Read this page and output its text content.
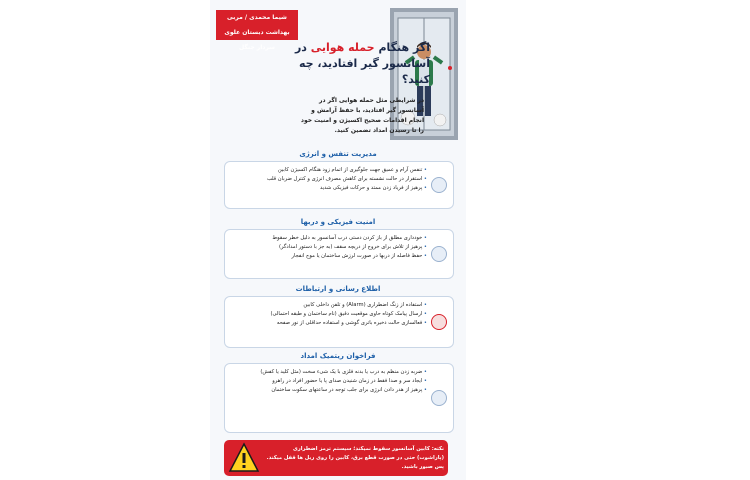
شیما محمدی / مربی بهداشت دبستان علوی
سردار جنگل	اگر هنگام حمله هوایی در
آسانسور گیر افتادید، چه کنید؟
در شرایطی مثل حمله هوایی اگر در آسانسور گیر افتادید، با حفظ آرامش و انجام اقدامات صحیح اکسیژن و امنیت خود را تا رسیدن امداد تضمین کنید.
مدیریت تنفس و انرژی
• تنفس آرام و عمیق جهت جلوگیری از اتمام زود هنگام اکسیژن کابین
• استقرار در حالت نشسته برای کاهش مصرف انرژی و کنترل ضربان قلب
• پرهیز از فریاد زدن ممتد و حرکات فیزیکی شدید
امنیت فیزیکی و دربها
• خودداری مطلق از باز کردن دستی درب آسانسور به دلیل خطر سقوط
• پرهیز از تلاش برای خروج از دریچه سقف (به جز با دستور امدادگر)
• حفظ فاصله از دربها در صورت لرزش ساختمان یا موج انفجار
اطلاع رسانی و ارتباطات
• استفاده از زنگ اضطراری (Alarm) و تلفن داخلی کابین
• ارسال پیامک کوتاه حاوی موقعیت دقیق (نام ساختمان و طبقه احتمالی)
• فعالسازی حالت ذخیره باتری گوشی و استفاده حداقلی از نور صفحه
فراخوان ریتمیک امداد
• ضربه زدن منظم به درب یا بدنه فلزی با یک شیء سخت (مثل کلید یا کفش)
• ایجاد سر و صدا فقط در زمان شنیدن صدای پا یا حضور افراد در راهرو
• پرهیز از هدر دادن انرژی برای جلب توجه در ساعتهای سکوت ساختمان
نکته: کابین آسانسور سقوط نمیکند؛ سیستم ترمز اضطراری
(پاراشوت) حتی در صورت قطع برق، کابین را روی ریل ها قفل میکند.
پس صبور باشید.
